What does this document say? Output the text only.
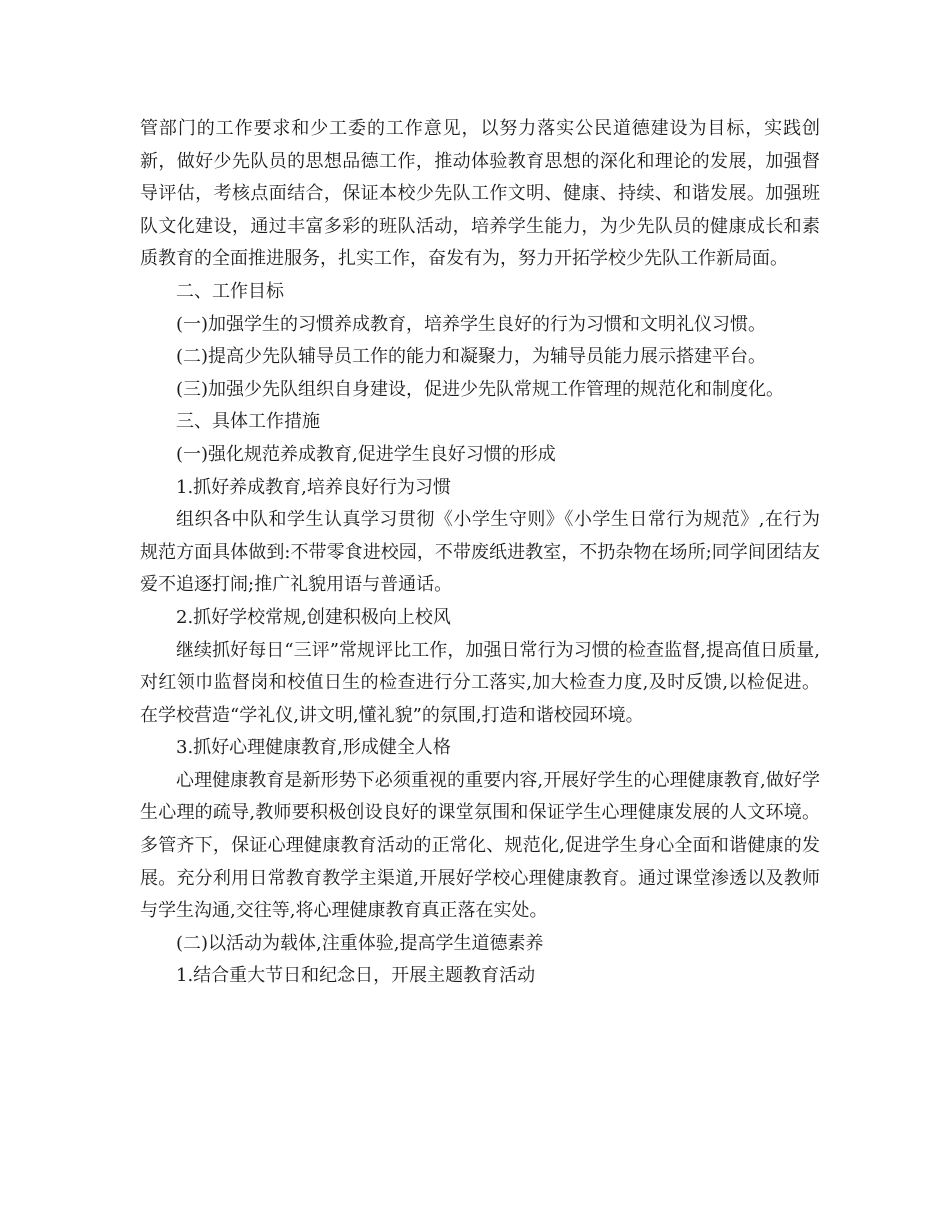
管部门的工作要求和少工委的工作意见，以努力落实公民道德建设为目标，实践创新，做好少先队员的思想品德工作，推动体验教育思想的深化和理论的发展，加强督导评估，考核点面结合，保证本校少先队工作文明、健康、持续、和谐发展。加强班队文化建设，通过丰富多彩的班队活动，培养学生能力，为少先队员的健康成长和素质教育的全面推进服务，扎实工作，奋发有为，努力开拓学校少先队工作新局面。

二、工作目标

(一)加强学生的习惯养成教育，培养学生良好的行为习惯和文明礼仪习惯。

(二)提高少先队辅导员工作的能力和凝聚力，为辅导员能力展示搭建平台。

(三)加强少先队组织自身建设，促进少先队常规工作管理的规范化和制度化。

三、具体工作措施

(一)强化规范养成教育,促进学生良好习惯的形成

1.抓好养成教育,培养良好行为习惯

组织各中队和学生认真学习贯彻《小学生守则》《小学生日常行为规范》,在行为规范方面具体做到:不带零食进校园，不带废纸进教室，不扔杂物在场所;同学间团结友爱不追逐打闹;推广礼貌用语与普通话。

2.抓好学校常规,创建积极向上校风

继续抓好每日“三评”常规评比工作，加强日常行为习惯的检查监督,提高值日质量,对红领巾监督岗和校值日生的检查进行分工落实,加大检查力度,及时反馈,以检促进。在学校营造“学礼仪,讲文明,懂礼貌”的氛围,打造和谐校园环境。

3.抓好心理健康教育,形成健全人格

心理健康教育是新形势下必须重视的重要内容,开展好学生的心理健康教育,做好学生心理的疏导,教师要积极创设良好的课堂氛围和保证学生心理健康发展的人文环境。多管齐下，保证心理健康教育活动的正常化、规范化,促进学生身心全面和谐健康的发展。充分利用日常教育教学主渠道,开展好学校心理健康教育。通过课堂渗透以及教师与学生沟通,交往等,将心理健康教育真正落在实处。

(二)以活动为载体,注重体验,提高学生道德素养

1.结合重大节日和纪念日，开展主题教育活动
